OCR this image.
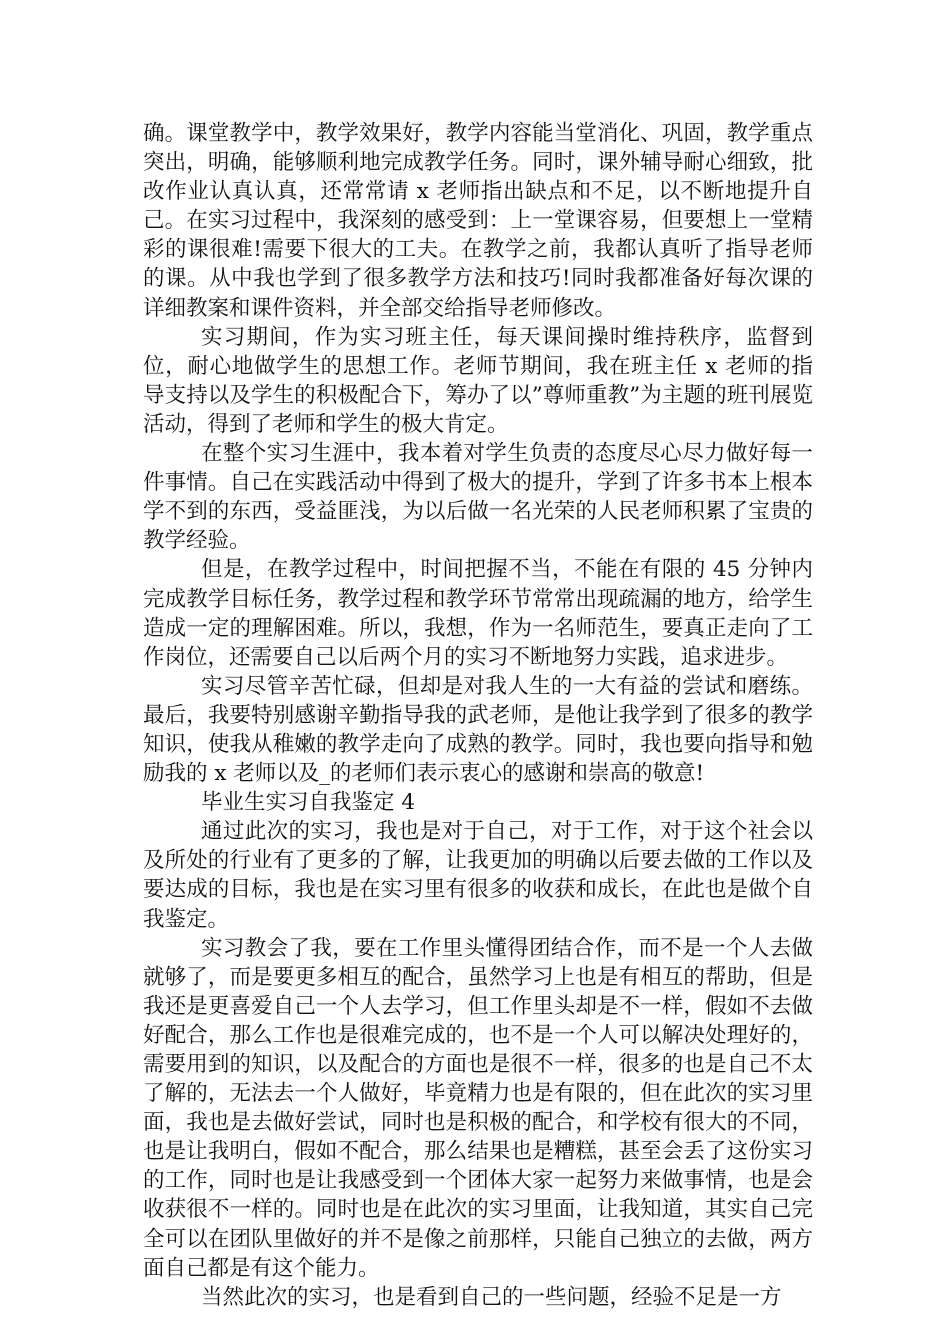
确。课堂教学中，教学效果好，教学内容能当堂消化、巩固，教学重点突出，明确，能够顺利地完成教学任务。同时，课外辅导耐心细致，批改作业认真认真，还常常请 x 老师指出缺点和不足，以不断地提升自己。在实习过程中，我深刻的感受到：上一堂课容易，但要想上一堂精彩的课很难!需要下很大的工夫。在教学之前，我都认真听了指导老师的课。从中我也学到了很多教学方法和技巧!同时我都准备好每次课的详细教案和课件资料，并全部交给指导老师修改。

实习期间，作为实习班主任，每天课间操时维持秩序，监督到位，耐心地做学生的思想工作。老师节期间，我在班主任 x 老师的指导支持以及学生的积极配合下，筹办了以”尊师重教”为主题的班刊展览活动，得到了老师和学生的极大肯定。

在整个实习生涯中，我本着对学生负责的态度尽心尽力做好每一件事情。自己在实践活动中得到了极大的提升，学到了许多书本上根本学不到的东西，受益匪浅，为以后做一名光荣的人民老师积累了宝贵的教学经验。

但是，在教学过程中，时间把握不当，不能在有限的 45 分钟内完成教学目标任务，教学过程和教学环节常常出现疏漏的地方，给学生造成一定的理解困难。所以，我想，作为一名师范生，要真正走向了工作岗位，还需要自己以后两个月的实习不断地努力实践，追求进步。

实习尽管辛苦忙碌，但却是对我人生的一大有益的尝试和磨练。最后，我要特别感谢辛勤指导我的武老师，是他让我学到了很多的教学知识，使我从稚嫩的教学走向了成熟的教学。同时，我也要向指导和勉励我的 x 老师以及_的老师们表示衷心的感谢和崇高的敬意!

毕业生实习自我鉴定 4

通过此次的实习，我也是对于自己，对于工作，对于这个社会以及所处的行业有了更多的了解，让我更加的明确以后要去做的工作以及要达成的目标，我也是在实习里有很多的收获和成长，在此也是做个自我鉴定。

实习教会了我，要在工作里头懂得团结合作，而不是一个人去做就够了，而是要更多相互的配合，虽然学习上也是有相互的帮助，但是我还是更喜爱自己一个人去学习，但工作里头却是不一样，假如不去做好配合，那么工作也是很难完成的，也不是一个人可以解决处理好的，需要用到的知识，以及配合的方面也是很不一样，很多的也是自己不太了解的，无法去一个人做好，毕竟精力也是有限的，但在此次的实习里面，我也是去做好尝试，同时也是积极的配合，和学校有很大的不同，也是让我明白，假如不配合，那么结果也是糟糕，甚至会丢了这份实习的工作，同时也是让我感受到一个团体大家一起努力来做事情，也是会收获很不一样的。同时也是在此次的实习里面，让我知道，其实自己完全可以在团队里做好的并不是像之前那样，只能自己独立的去做，两方面自己都是有这个能力。

当然此次的实习，也是看到自己的一些问题，经验不足是一方
